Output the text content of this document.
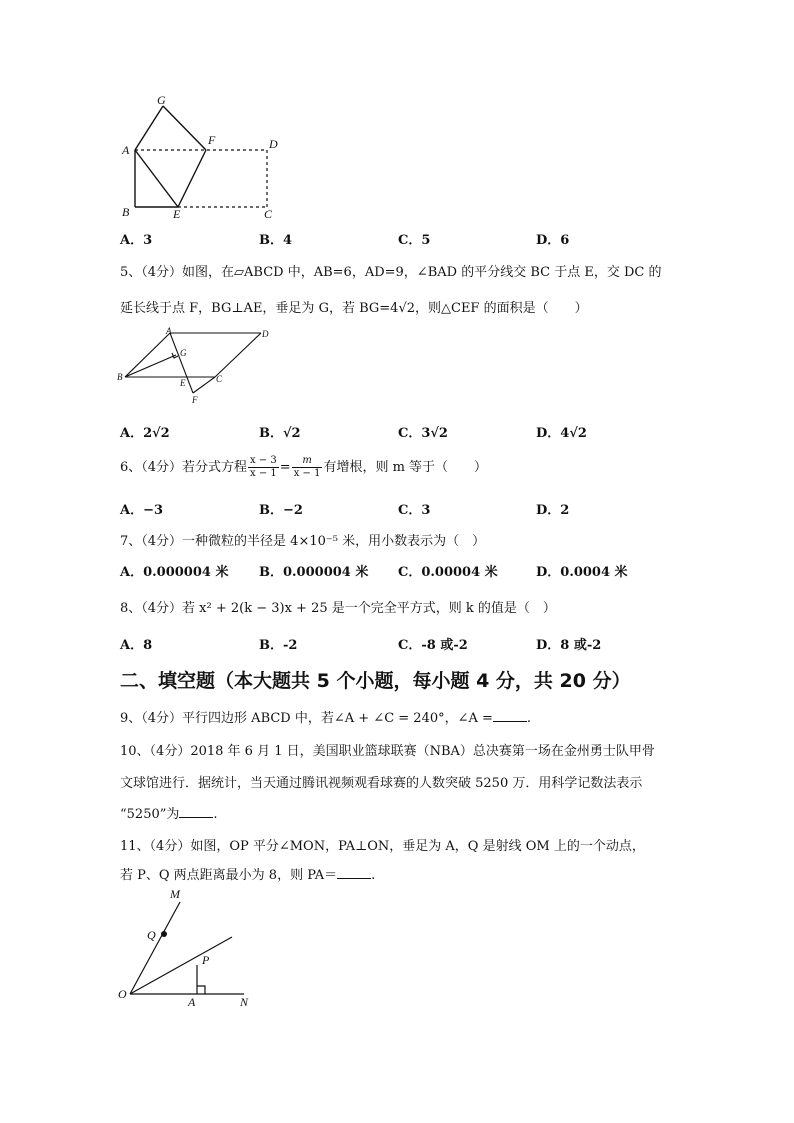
G
A
F	D
B	E	C
A．3	B．4	C．5	D．6
5、（4分）如图，在▱ABCD 中，AB=6，AD=9，∠BAD 的平分线交 BC 于点 E，交 DC 的
延长线于点 F，BG⊥AE，垂足为 G，若 BG=4√2，则△CEF 的面积是（　　）
A	D
G
B
E	C
F
A．2√2	B．√2	C．3√2	D．4√2
6、（4分）若分式方程 $\frac{x - 3}{x - 1} = \frac{m}{x - 1}$ 有增根，则 m 等于（　　）
A．−3	B．−2	C．3	D．2
7、（4分）一种微粒的半径是 4×10⁻⁵ 米，用小数表示为（　）
A．0.000004 米 B．0.000004 米 C．0.00004 米	D．0.0004 米
8、（4分）若 x² + 2(k − 3)x + 25 是一个完全平方式，则 k 的值是（　）
A．8	B．-2	C．-8 或-2	D．8 或-2
二、填空题（本大题共 5 个小题，每小题 4 分，共 20 分）
9、（4分）平行四边形 ABCD 中，若∠A + ∠C = 240°，∠A =	.
10、（4分）2018 年 6 月 1 日，美国职业篮球联赛（NBA）总决赛第一场在金州勇士队甲骨
文球馆进行．据统计，当天通过腾讯视频观看球赛的人数突破 5250 万．用科学记数法表示
“5250”为	.
11、（4分）如图，OP 平分∠MON，PA⊥ON，垂足为 A，Q 是射线 OM 上的一个动点，
若 P、Q 两点距离最小为 8，则 PA＝	.
M
Q
P
O
A	N
